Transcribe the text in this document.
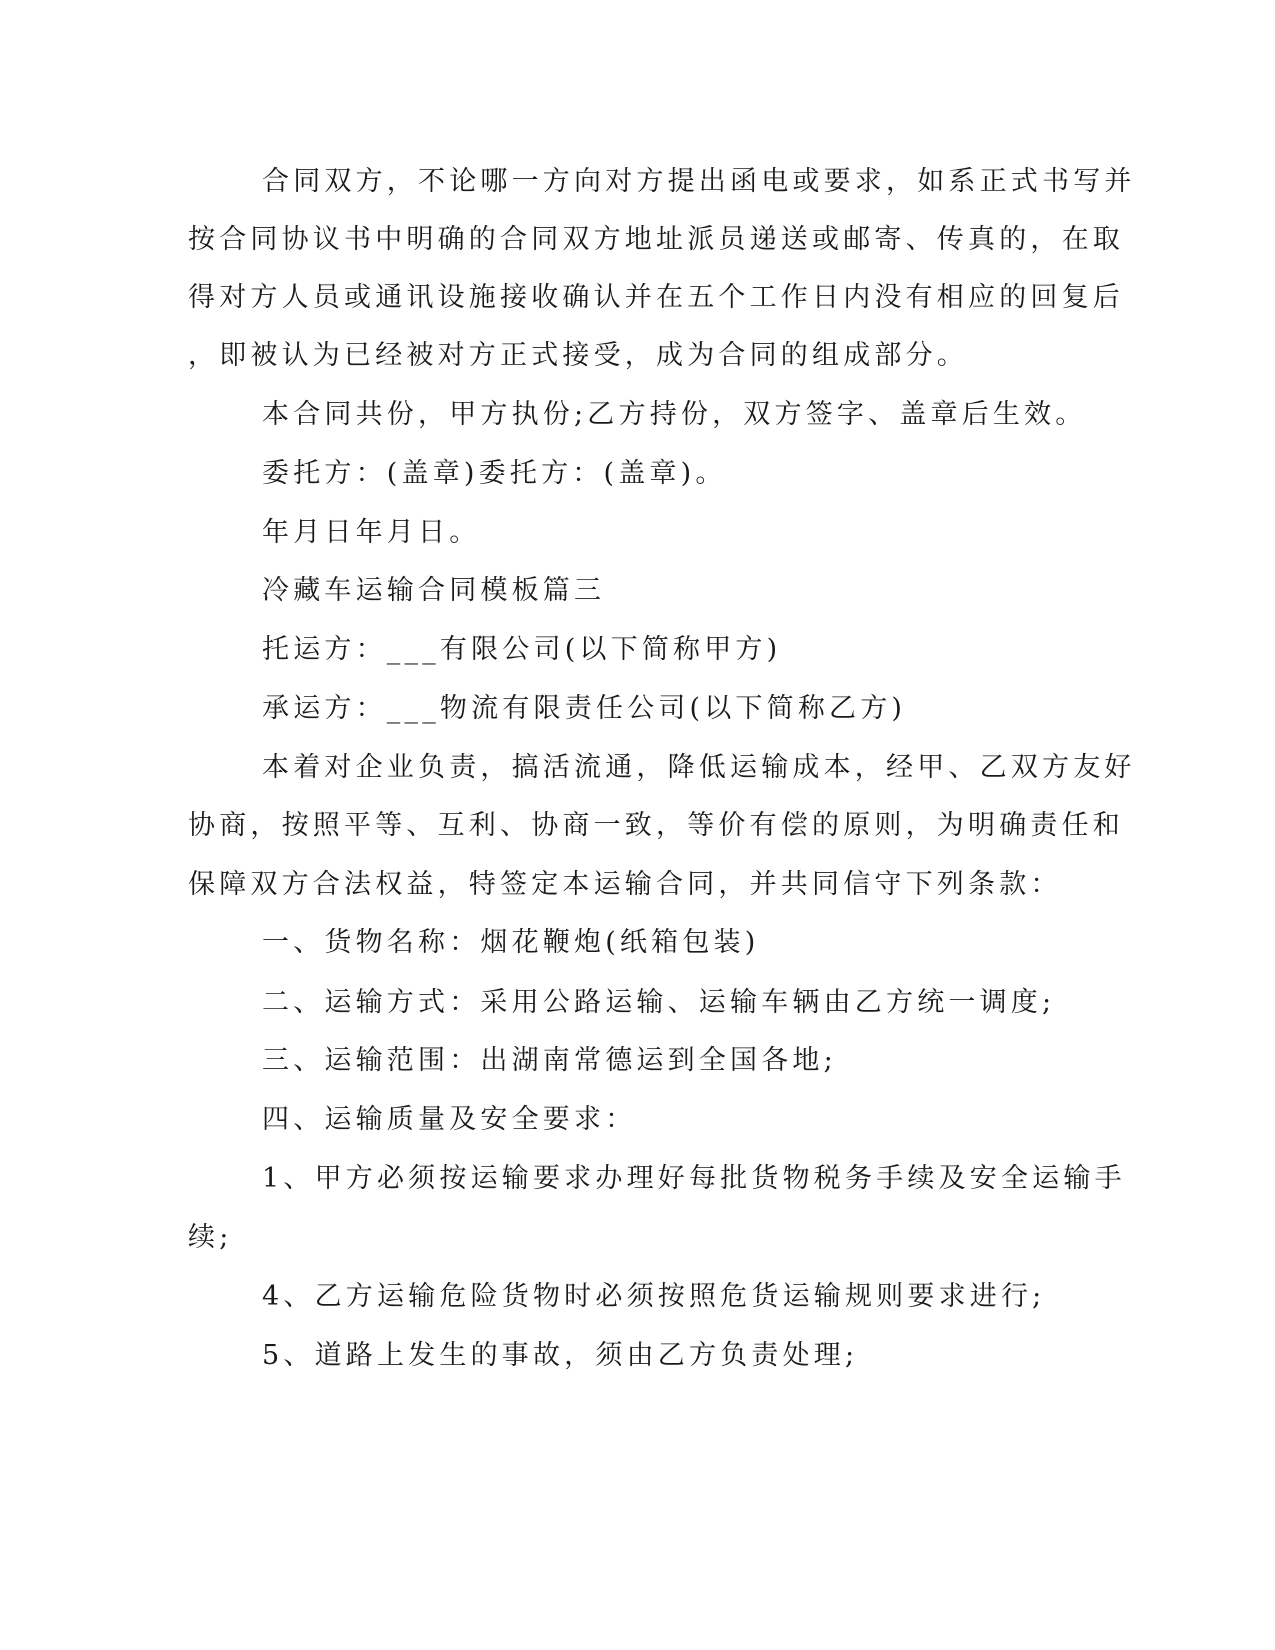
合同双方，不论哪一方向对方提出函电或要求，如系正式书写并
按合同协议书中明确的合同双方地址派员递送或邮寄、传真的，在取
得对方人员或通讯设施接收确认并在五个工作日内没有相应的回复后
，即被认为已经被对方正式接受，成为合同的组成部分。
本合同共份，甲方执份;乙方持份，双方签字、盖章后生效。
委托方：(盖章)委托方：(盖章)。
年月日年月日。
冷藏车运输合同模板篇三
托运方：___有限公司(以下简称甲方)
承运方：___物流有限责任公司(以下简称乙方)
本着对企业负责，搞活流通，降低运输成本，经甲、乙双方友好
协商，按照平等、互利、协商一致，等价有偿的原则，为明确责任和
保障双方合法权益，特签定本运输合同，并共同信守下列条款：
一、货物名称：烟花鞭炮(纸箱包装)
二、运输方式：采用公路运输、运输车辆由乙方统一调度;
三、运输范围：出湖南常德运到全国各地;
四、运输质量及安全要求：
1、甲方必须按运输要求办理好每批货物税务手续及安全运输手
续;
4、乙方运输危险货物时必须按照危货运输规则要求进行;
5、道路上发生的事故，须由乙方负责处理;
